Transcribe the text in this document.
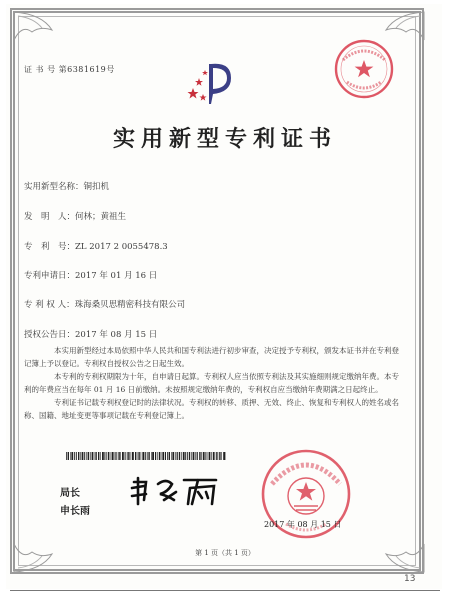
证 书 号 第6381619号
实用新型专利证书
实用新型名称：铜扣机
发　明　人：何林；黄祖生
专　利　号：ZL 2017 2 0055478.3
专利申请日：2017 年 01 月 16 日
专 利 权 人：珠海桑贝思精密科技有限公司
授权公告日：2017 年 08 月 15 日

本实用新型经过本局依照中华人民共和国专利法进行初步审查，决定授予专利权，颁发本证书并在专利登记簿上予以登记。专利权自授权公告之日起生效。

本专利的专利权期限为十年，自申请日起算。专利权人应当依照专利法及其实施细则规定缴纳年费。本专利的年费应当在每年 01 月 16 日前缴纳。未按照规定缴纳年费的，专利权自应当缴纳年费期满之日起终止。

专利证书记载专利权登记时的法律状况。专利权的转移、质押、无效、终止、恢复和专利权人的姓名或名称、国籍、地址变更等事项记载在专利登记簿上。

局长
申长雨
2017 年 08 月 15 日
第 1 页（共 1 页）
13
